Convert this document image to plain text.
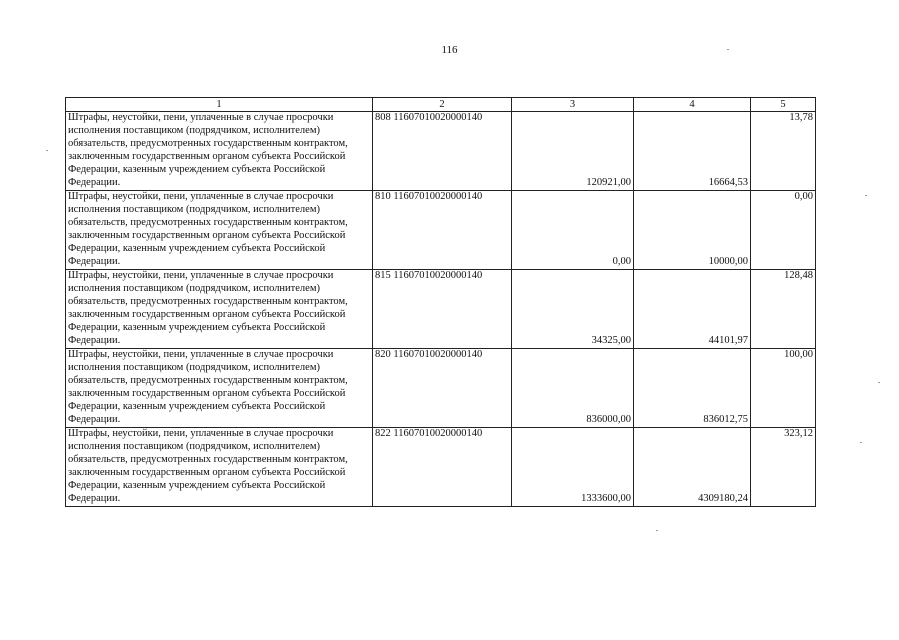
116
1	2	3	4	5
Штрафы, неустойки, пени, уплаченные в случае просрочки исполнения поставщиком (подрядчиком, исполнителем) обязательств, предусмотренных государственным контрактом, заключенным государственным органом субъекта Российской Федерации, казенным учреждением субъекта Российской Федерации.	808 11607010020000140	120921,00	16664,53	13,78
Штрафы, неустойки, пени, уплаченные в случае просрочки исполнения поставщиком (подрядчиком, исполнителем) обязательств, предусмотренных государственным контрактом, заключенным государственным органом субъекта Российской Федерации, казенным учреждением субъекта Российской Федерации.	810 11607010020000140	0,00	10000,00	0,00
Штрафы, неустойки, пени, уплаченные в случае просрочки исполнения поставщиком (подрядчиком, исполнителем) обязательств, предусмотренных государственным контрактом, заключенным государственным органом субъекта Российской Федерации, казенным учреждением субъекта Российской Федерации.	815 11607010020000140	34325,00	44101,97	128,48
Штрафы, неустойки, пени, уплаченные в случае просрочки исполнения поставщиком (подрядчиком, исполнителем) обязательств, предусмотренных государственным контрактом, заключенным государственным органом субъекта Российской Федерации, казенным учреждением субъекта Российской Федерации.	820 11607010020000140	836000,00	836012,75	100,00
Штрафы, неустойки, пени, уплаченные в случае просрочки исполнения поставщиком (подрядчиком, исполнителем) обязательств, предусмотренных государственным контрактом, заключенным государственным органом субъекта Российской Федерации, казенным учреждением субъекта Российской Федерации.	822 11607010020000140	1333600,00	4309180,24	323,12
